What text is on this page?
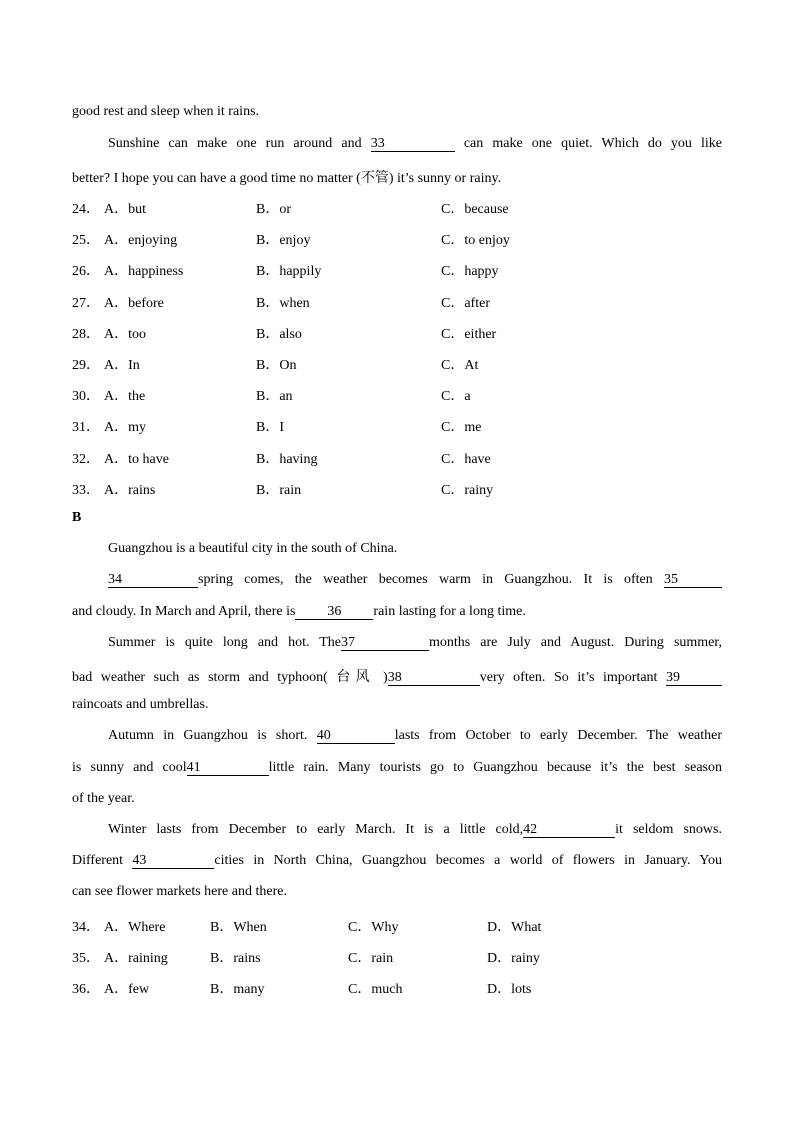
good rest and sleep when it rains.
Sunshine can make one run around and 33	can make one quiet. Which do you like
better? I hope you can have a good time no matter (不管) it’s sunny or rainy.
24． A．but	B．or	C．because
25． A．enjoying	B．enjoy	C．to enjoy
26． A．happiness	B．happily	C．happy
27． A．before	B．when	C．after
28． A．too	B．also	C．either
29． A．In	B．On	C．At
30． A．the	B．an	C．a
31． A．my	B．I	C．me
32． A．to have	B．having	C．have
33． A．rains	B．rain	C．rainy
B
Guangzhou is a beautiful city in the south of China.
34	spring comes, the weather becomes warm in Guangzhou. It is often 35
and cloudy. In March and April, there is 36 rain lasting for a long time.
Summer is quite long and hot. The37	months are July and August. During summer,
bad weather such as storm and typhoon( 台风 )38	very often. So it’s important 39
raincoats and umbrellas.
Autumn in Guangzhou is short. 40	lasts from October to early December. The weather
is sunny and cool41	little rain. Many tourists go to Guangzhou because it’s the best season
of the year.
Winter lasts from December to early March. It is a little cold,42	it seldom snows.
Different 43	cities in North China, Guangzhou becomes a world of flowers in January. You
can see flower markets here and there.
34． A．Where	B．When	C．Why	D．What
35． A．raining	B．rains	C．rain	D．rainy
36． A．few	B．many	C．much	D．lots
